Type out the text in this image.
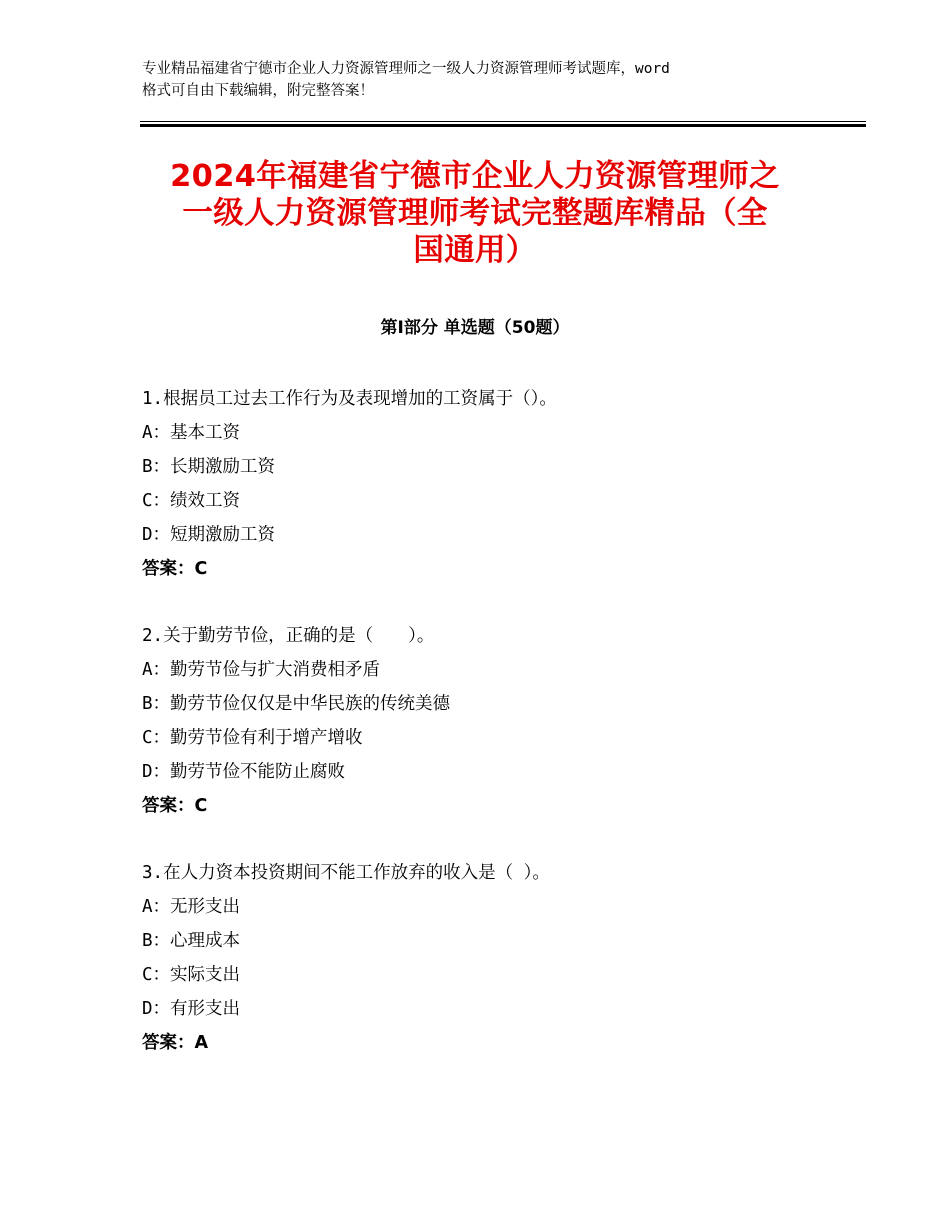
专业精品福建省宁德市企业人力资源管理师之一级人力资源管理师考试题库，word
格式可自由下载编辑，附完整答案！
2024年福建省宁德市企业人力资源管理师之
一级人力资源管理师考试完整题库精品（全
国通用）
第Ⅰ部分 单选题（50题）
1.根据员工过去工作行为及表现增加的工资属于（）。
A：基本工资
B：长期激励工资
C：绩效工资
D：短期激励工资
答案：C
2.关于勤劳节俭，正确的是（　　）。
A：勤劳节俭与扩大消费相矛盾
B：勤劳节俭仅仅是中华民族的传统美德
C：勤劳节俭有利于增产增收
D：勤劳节俭不能防止腐败
答案：C
3.在人力资本投资期间不能工作放弃的收入是（ ）。
A：无形支出
B：心理成本
C：实际支出
D：有形支出
答案：A
